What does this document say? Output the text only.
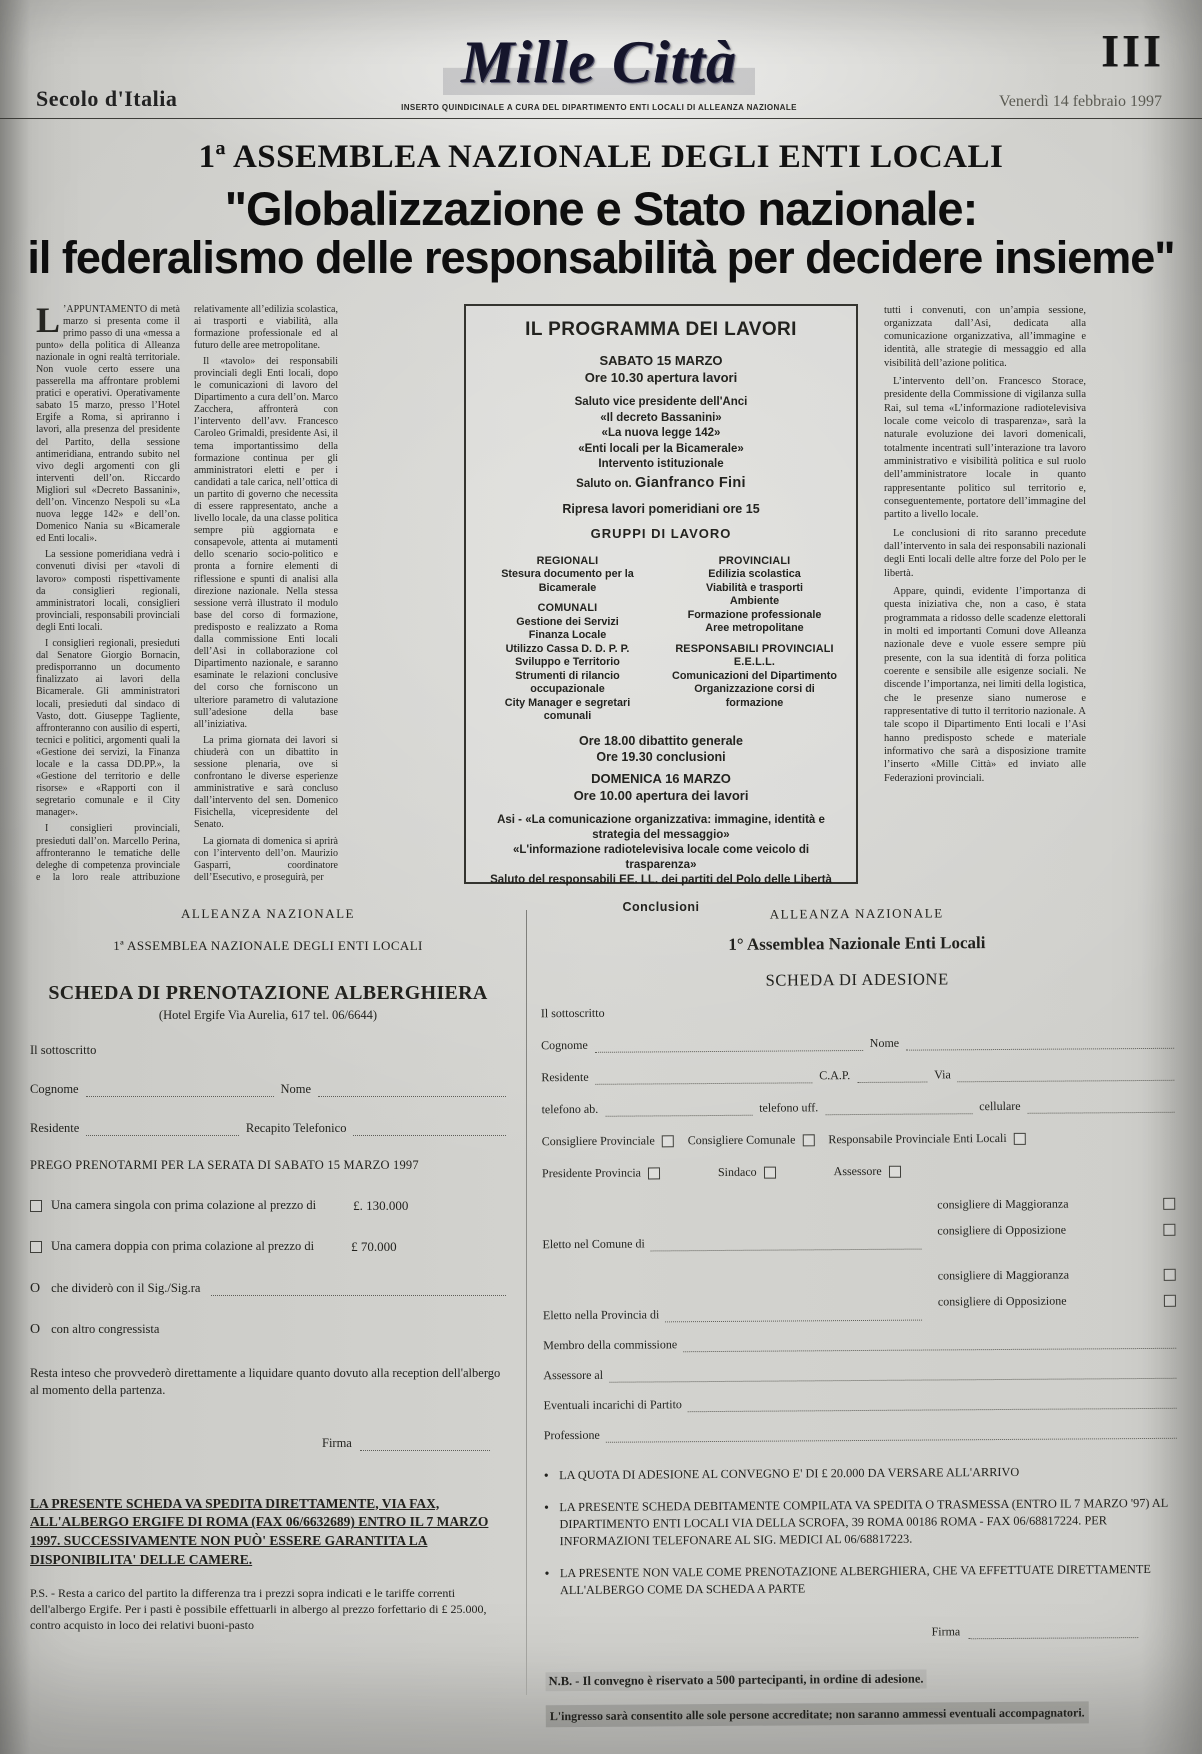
III
Secolo d'Italia
Mille Città
INSERTO QUINDICINALE A CURA DEL DIPARTIMENTO ENTI LOCALI DI ALLEANZA NAZIONALE	Venerdì 14 febbraio 1997
1ª ASSEMBLEA NAZIONALE DEGLI ENTI LOCALI
"Globalizzazione e Stato nazionale:
il federalismo delle responsabilità per decidere insieme"

L ’APPUNTAMENTO di metà marzo si presenta come il primo passo di una «messa a punto» della politica di Alleanza nazionale in ogni realtà territoriale. Non vuole certo essere una passerella ma affrontare problemi pratici e operativi. Operativamente sabato 15 marzo, presso l’Hotel Ergife a Roma, si apriranno i lavori, alla presenza del presidente del Partito, della sessione antimeridiana, entrando subito nel vivo degli argomenti con gli interventi dell’on. Riccardo Migliori sul «Decreto Bassanini», dell’on. Vincenzo Nespoli su «La nuova legge 142» e dell’on. Domenico Nania su «Bicamerale ed Enti locali».

La sessione pomeridiana vedrà i convenuti divisi per «tavoli di lavoro» composti rispettivamente da consiglieri regionali, amministratori locali, consiglieri provinciali, responsabili provinciali degli Enti locali.

I consiglieri regionali, presieduti dal Senatore Giorgio Bornacin, predisporranno un documento finalizzato ai lavori della Bicamerale. Gli amministratori locali, presieduti dal sindaco di Vasto, dott. Giuseppe Tagliente, affronteranno con ausilio di esperti, tecnici e politici, argomenti quali la «Gestione dei servizi, la Finanza locale e la cassa DD.PP.», la «Gestione del territorio e delle risorse» e «Rapporti con il segretario comunale e il City manager».

I consiglieri provinciali, presieduti dall’on. Marcello Perina, affronteranno le tematiche delle deleghe di competenza provinciale e la loro reale attribuzione relativamente all’edilizia scolastica, ai trasporti e viabilità, alla formazione professionale ed al futuro delle aree metropolitane.

Il «tavolo» dei responsabili provinciali degli Enti locali, dopo le comunicazioni di lavoro del Dipartimento a cura dell’on. Marco Zacchera, affronterà con l’intervento dell’avv. Francesco Caroleo Grimaldi, presidente Asi, il tema importantissimo della formazione continua per gli amministratori eletti e per i candidati a tale carica, nell’ottica di un partito di governo che necessita di essere rappresentato, anche a livello locale, da una classe politica sempre più aggiornata e consapevole, attenta ai mutamenti dello scenario socio-politico e pronta a fornire elementi di riflessione e spunti di analisi alla direzione nazionale. Nella stessa sessione verrà illustrato il modulo base del corso di formazione, predisposto e realizzato a Roma dalla commissione Enti locali dell’Asi in collaborazione col Dipartimento nazionale, e saranno esaminate le relazioni conclusive del corso che forniscono un ulteriore parametro di valutazione sull’adesione della base all’iniziativa.

La prima giornata dei lavori si chiuderà con un dibattito in sessione plenaria, ove si confrontano le diverse esperienze amministrative e sarà concluso dall’intervento del sen. Domenico Fisichella, vicepresidente del Senato.

La giornata di domenica si aprirà con l’intervento dell’on. Maurizio Gasparri, coordinatore dell’Esecutivo, e proseguirà, per

IL PROGRAMMA DEI LAVORI
SABATO 15 MARZO
Ore 10.30 apertura lavori
Saluto vice presidente dell'Anci
«Il decreto Bassanini»
«La nuova legge 142»
«Enti locali per la Bicamerale»
Intervento istituzionale
Saluto on. Gianfranco Fini
Ripresa lavori pomeridiani ore 15
GRUPPI DI LAVORO
REGIONALI
Stesura documento per la Bicamerale
COMUNALI
Gestione dei Servizi
Finanza Locale
Utilizzo Cassa D. D. P. P.
Sviluppo e Territorio
Strumenti di rilancio occupazionale
City Manager e segretari comunali
PROVINCIALI
Edilizia scolastica
Viabilità e trasporti
Ambiente
Formazione professionale
Aree metropolitane
RESPONSABILI PROVINCIALI E.E.L.L.
Comunicazioni del Dipartimento
Organizzazione corsi di formazione
Ore 18.00 dibattito generale
Ore 19.30 conclusioni
DOMENICA 16 MARZO
Ore 10.00 apertura dei lavori
Asi - «La comunicazione organizzativa: immagine, identità e strategia del messaggio»
«L'informazione radiotelevisiva locale come veicolo di trasparenza»
Saluto del responsabili EE. LL. dei partiti del Polo delle Libertà
Conclusioni

tutti i convenuti, con un’ampia sessione, organizzata dall’Asi, dedicata alla comunicazione organizzativa, all’immagine e identità, alle strategie di messaggio ed alla visibilità dell’azione politica.

L’intervento dell’on. Francesco Storace, presidente della Commissione di vigilanza sulla Rai, sul tema «L’informazione radiotelevisiva locale come veicolo di trasparenza», sarà la naturale evoluzione dei lavori domenicali, totalmente incentrati sull’interazione tra lavoro amministrativo e visibilità politica e sul ruolo dell’amministratore locale in quanto rappresentante politico sul territorio e, conseguentemente, portatore dell’immagine del partito a livello locale.

Le conclusioni di rito saranno precedute dall’intervento in sala dei responsabili nazionali degli Enti locali delle altre forze del Polo per le libertà.

Appare, quindi, evidente l’importanza di questa iniziativa che, non a caso, è stata programmata a ridosso delle scadenze elettorali in molti ed importanti Comuni dove Alleanza nazionale deve e vuole essere sempre più presente, con la sua identità di forza politica coerente e sensibile alle esigenze sociali. Ne discende l’importanza, nei limiti della logistica, che le presenze siano numerose e rappresentative di tutto il territorio nazionale. A tale scopo il Dipartimento Enti locali e l’Asi hanno predisposto schede e materiale informativo che sarà a disposizione tramite l’inserto «Mille Città» ed inviato alle Federazioni provinciali.

ALLEANZA NAZIONALE
1ª ASSEMBLEA NAZIONALE DEGLI ENTI LOCALI
SCHEDA DI PRENOTAZIONE ALBERGHIERA
(Hotel Ergife Via Aurelia, 617 tel. 06/6644)
Il sottoscritto
Cognome	Nome
Residente	Recapito Telefonico
PREGO PRENOTARMI PER LA SERATA DI SABATO 15 MARZO 1997
Una camera singola con prima colazione al prezzo di	£. 130.000
Una camera doppia con prima colazione al prezzo di	£ 70.000
O che dividerò con il Sig./Sig.ra
O con altro congressista

Resta inteso che provvederò direttamente a liquidare quanto dovuto alla reception dell'albergo al momento della partenza.

Firma

LA PRESENTE SCHEDA VA SPEDITA DIRETTAMENTE, VIA FAX, ALL'ALBERGO ERGIFE DI ROMA (FAX 06/6632689) ENTRO IL 7 MARZO 1997. SUCCESSIVAMENTE NON PUÒ' ESSERE GARANTITA LA DISPONIBILITA' DELLE CAMERE.

P.S. - Resta a carico del partito la differenza tra i prezzi sopra indicati e le tariffe correnti dell'albergo Ergife. Per i pasti è possibile effettuarli in albergo al prezzo forfettario di £ 25.000, contro acquisto in loco dei relativi buoni-pasto

ALLEANZA NAZIONALE
1° Assemblea Nazionale Enti Locali
SCHEDA DI ADESIONE
Il sottoscritto
Cognome	Nome
Residente	C.A.P.	Via
telefono ab.	telefono uff.	cellulare
Consigliere Provinciale	Consigliere Comunale	Responsabile Provinciale Enti Locali
Presidente Provincia	Sindaco	Assessore
Eletto nel Comune di
consigliere di Maggioranza
consigliere di Opposizione
Eletto nella Provincia di
consigliere di Maggioranza
consigliere di Opposizione
Membro della commissione
Assessore al
Eventuali incarichi di Partito
Professione
• LA QUOTA DI ADESIONE AL CONVEGNO E' DI £ 20.000 DA VERSARE ALL'ARRIVO
• LA PRESENTE SCHEDA DEBITAMENTE COMPILATA VA SPEDITA O TRASMESSA (ENTRO IL 7 MARZO '97) AL DIPARTIMENTO ENTI LOCALI VIA DELLA SCROFA, 39 ROMA 00186 ROMA - FAX 06/68817224. PER INFORMAZIONI TELEFONARE AL SIG. MEDICI AL 06/68817223.
• LA PRESENTE NON VALE COME PRENOTAZIONE ALBERGHIERA, CHE VA EFFETTUATE DIRETTAMENTE ALL'ALBERGO COME DA SCHEDA A PARTE
Firma
N.B. - Il convegno è riservato a 500 partecipanti, in ordine di adesione.
L'ingresso sarà consentito alle sole persone accreditate; non saranno ammessi eventuali accompagnatori.
